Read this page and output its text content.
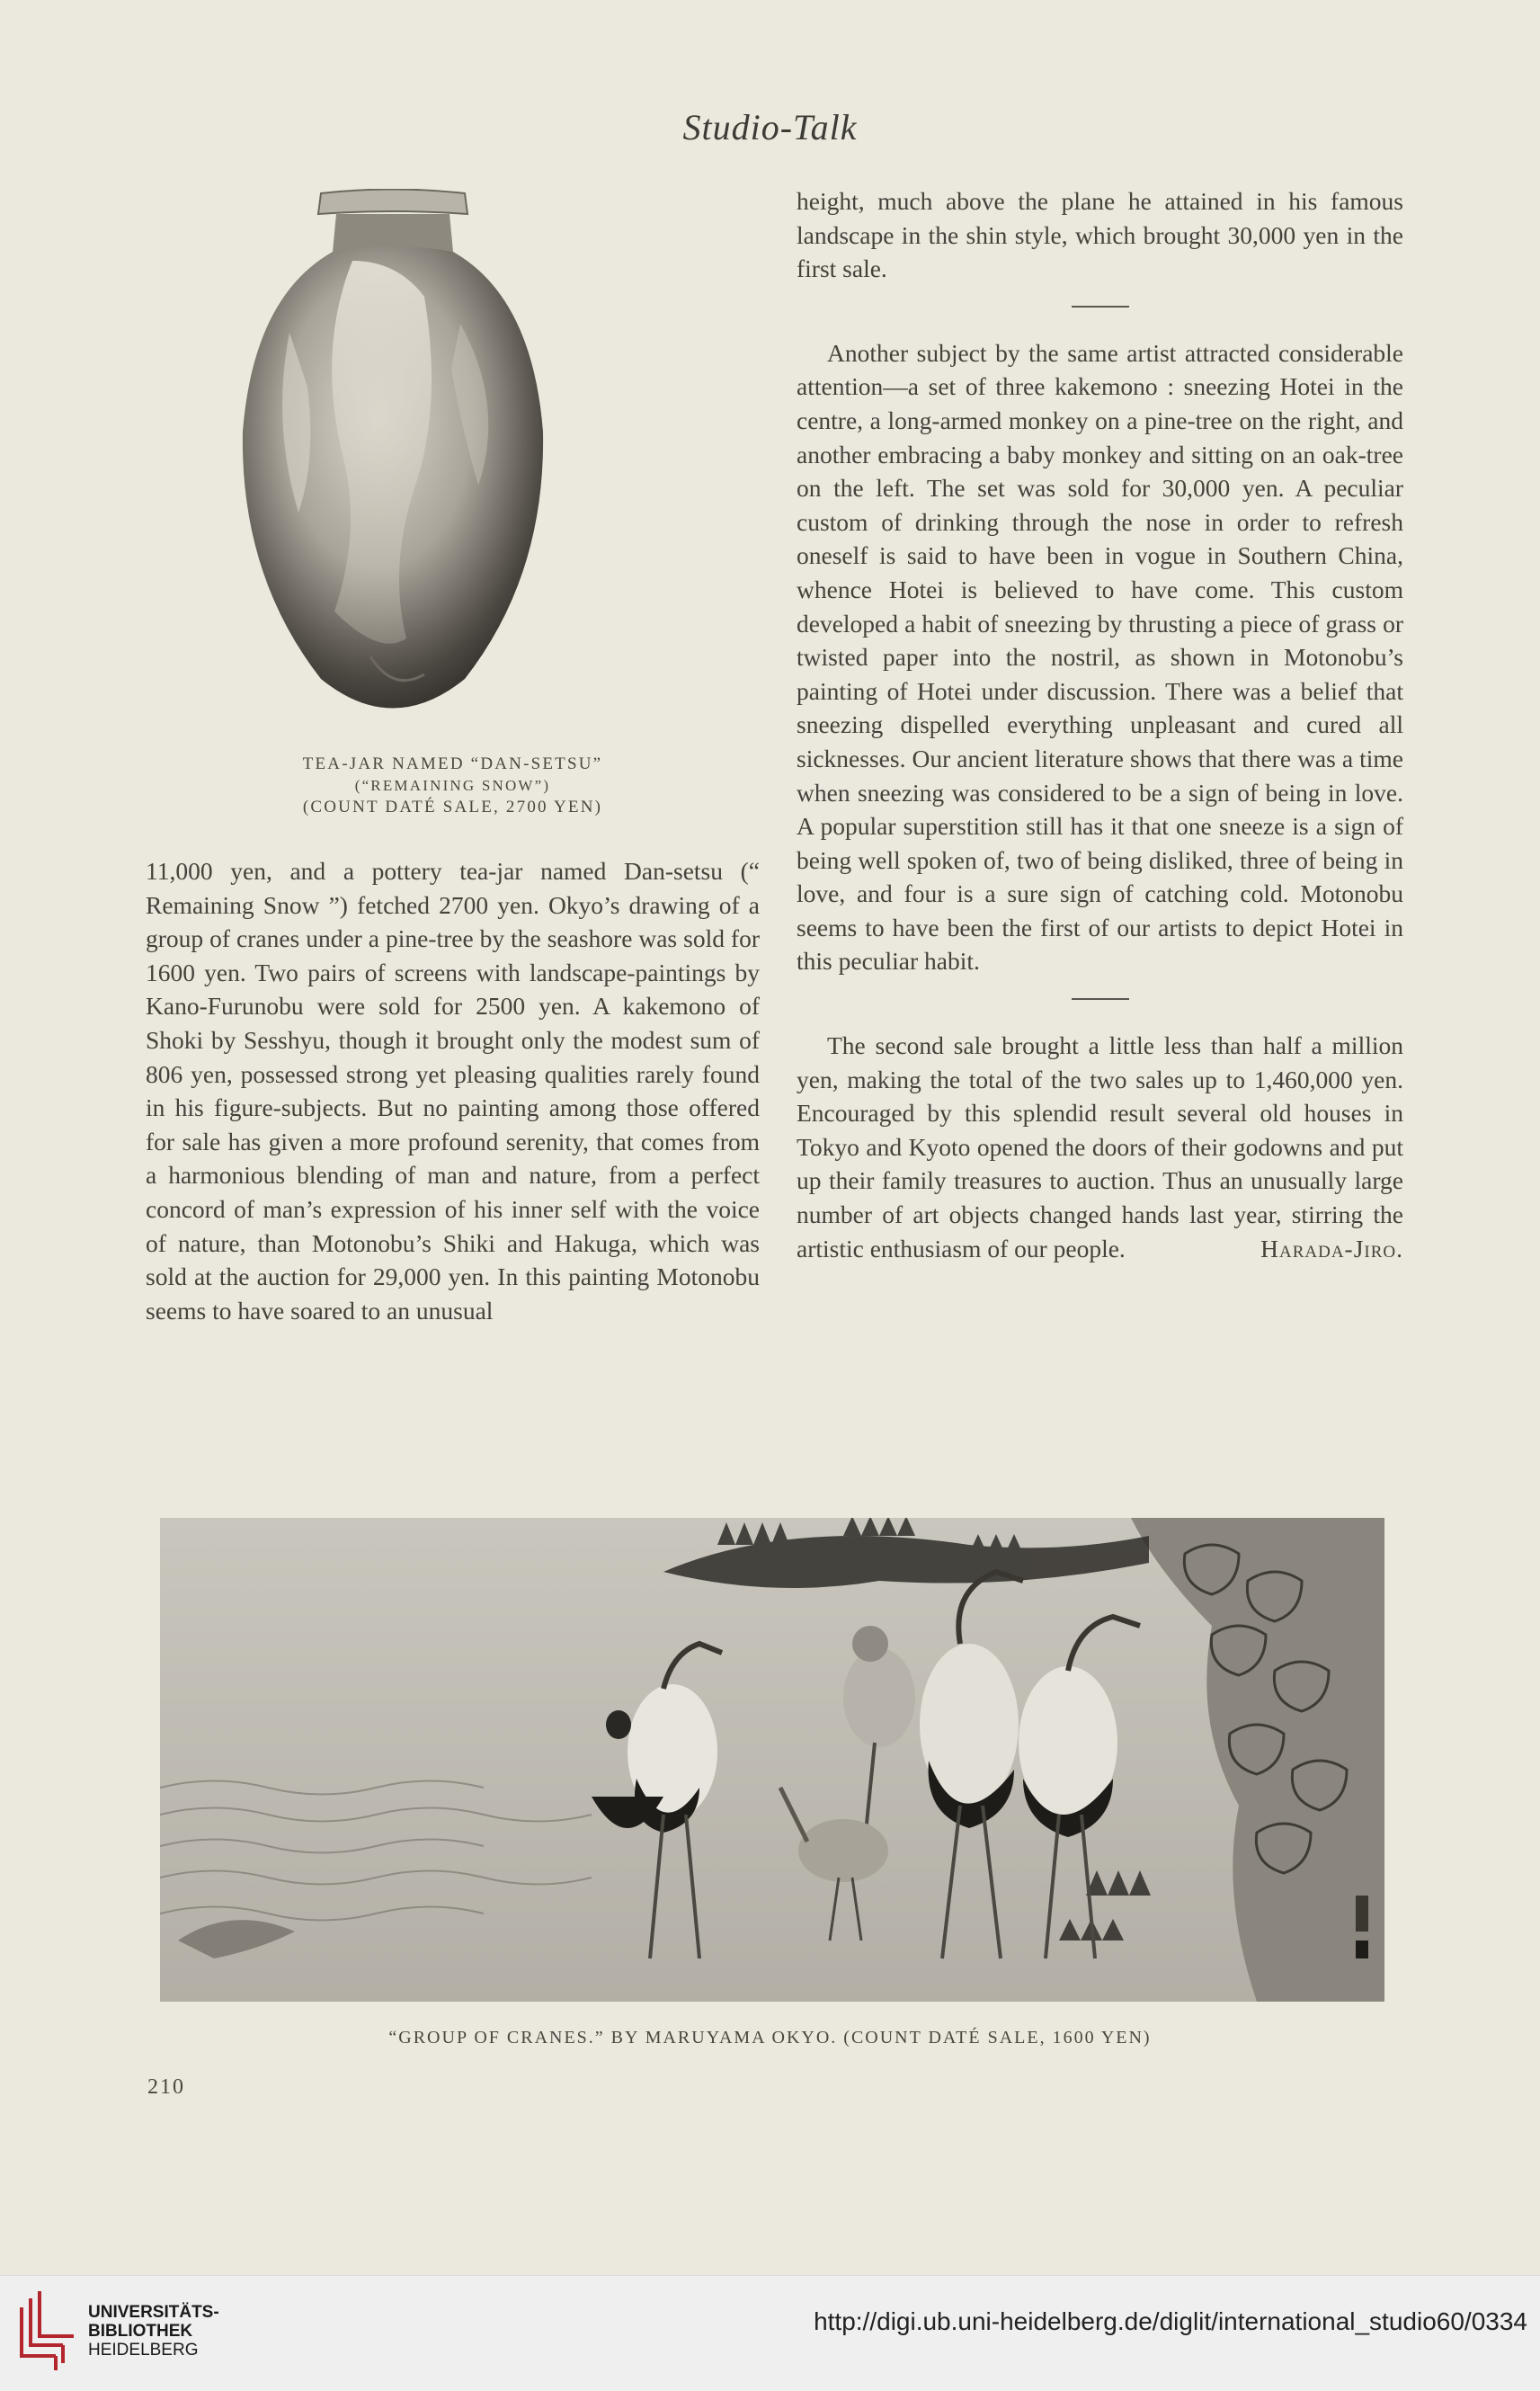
Studio-Talk
TEA-JAR NAMED “DAN-SETSU”
(“REMAINING SNOW”)
(COUNT DATÉ SALE, 2700 YEN)

11,000 yen, and a pottery tea-jar named Dan-setsu (“ Remaining Snow ”) fetched 2700 yen. Okyo’s drawing of a group of cranes under a pine-tree by the seashore was sold for 1600 yen. Two pairs of screens with landscape-paintings by Kano-Furunobu were sold for 2500 yen. A kakemono of Shoki by Sesshyu, though it brought only the modest sum of 806 yen, possessed strong yet pleasing qualities rarely found in his figure-subjects. But no painting among those offered for sale has given a more profound serenity, that comes from a harmonious blending of man and nature, from a perfect concord of man’s expression of his inner self with the voice of nature, than Motonobu’s Shiki and Hakuga, which was sold at the auction for 29,000 yen. In this painting Motonobu seems to have soared to an unusual

height, much above the plane he attained in his famous landscape in the shin style, which brought 30,000 yen in the first sale.

Another subject by the same artist attracted considerable attention—a set of three kakemono : sneezing Hotei in the centre, a long-armed monkey on a pine-tree on the right, and another embracing a baby monkey and sitting on an oak-tree on the left. The set was sold for 30,000 yen. A peculiar custom of drinking through the nose in order to refresh oneself is said to have been in vogue in Southern China, whence Hotei is believed to have come. This custom developed a habit of sneezing by thrusting a piece of grass or twisted paper into the nostril, as shown in Motonobu’s painting of Hotei under discussion. There was a belief that sneezing dispelled everything unpleasant and cured all sicknesses. Our ancient literature shows that there was a time when sneezing was considered to be a sign of being in love. A popular superstition still has it that one sneeze is a sign of being well spoken of, two of being disliked, three of being in love, and four is a sure sign of catching cold. Motonobu seems to have been the first of our artists to depict Hotei in this peculiar habit.

The second sale brought a little less than half a million yen, making the total of the two sales up to 1,460,000 yen. Encouraged by this splendid result several old houses in Tokyo and Kyoto opened the doors of their godowns and put up their family treasures to auction. Thus an unusually large number of art objects changed hands last year, stirring the artistic enthusiasm of our people.	Harada-Jiro.

“GROUP OF CRANES.” BY MARUYAMA OKYO. (COUNT DATÉ SALE, 1600 YEN)
210
UNIVERSITÄTS-
BIBLIOTHEK
HEIDELBERG
http://digi.ub.uni-heidelberg.de/diglit/international_studio60/0334
